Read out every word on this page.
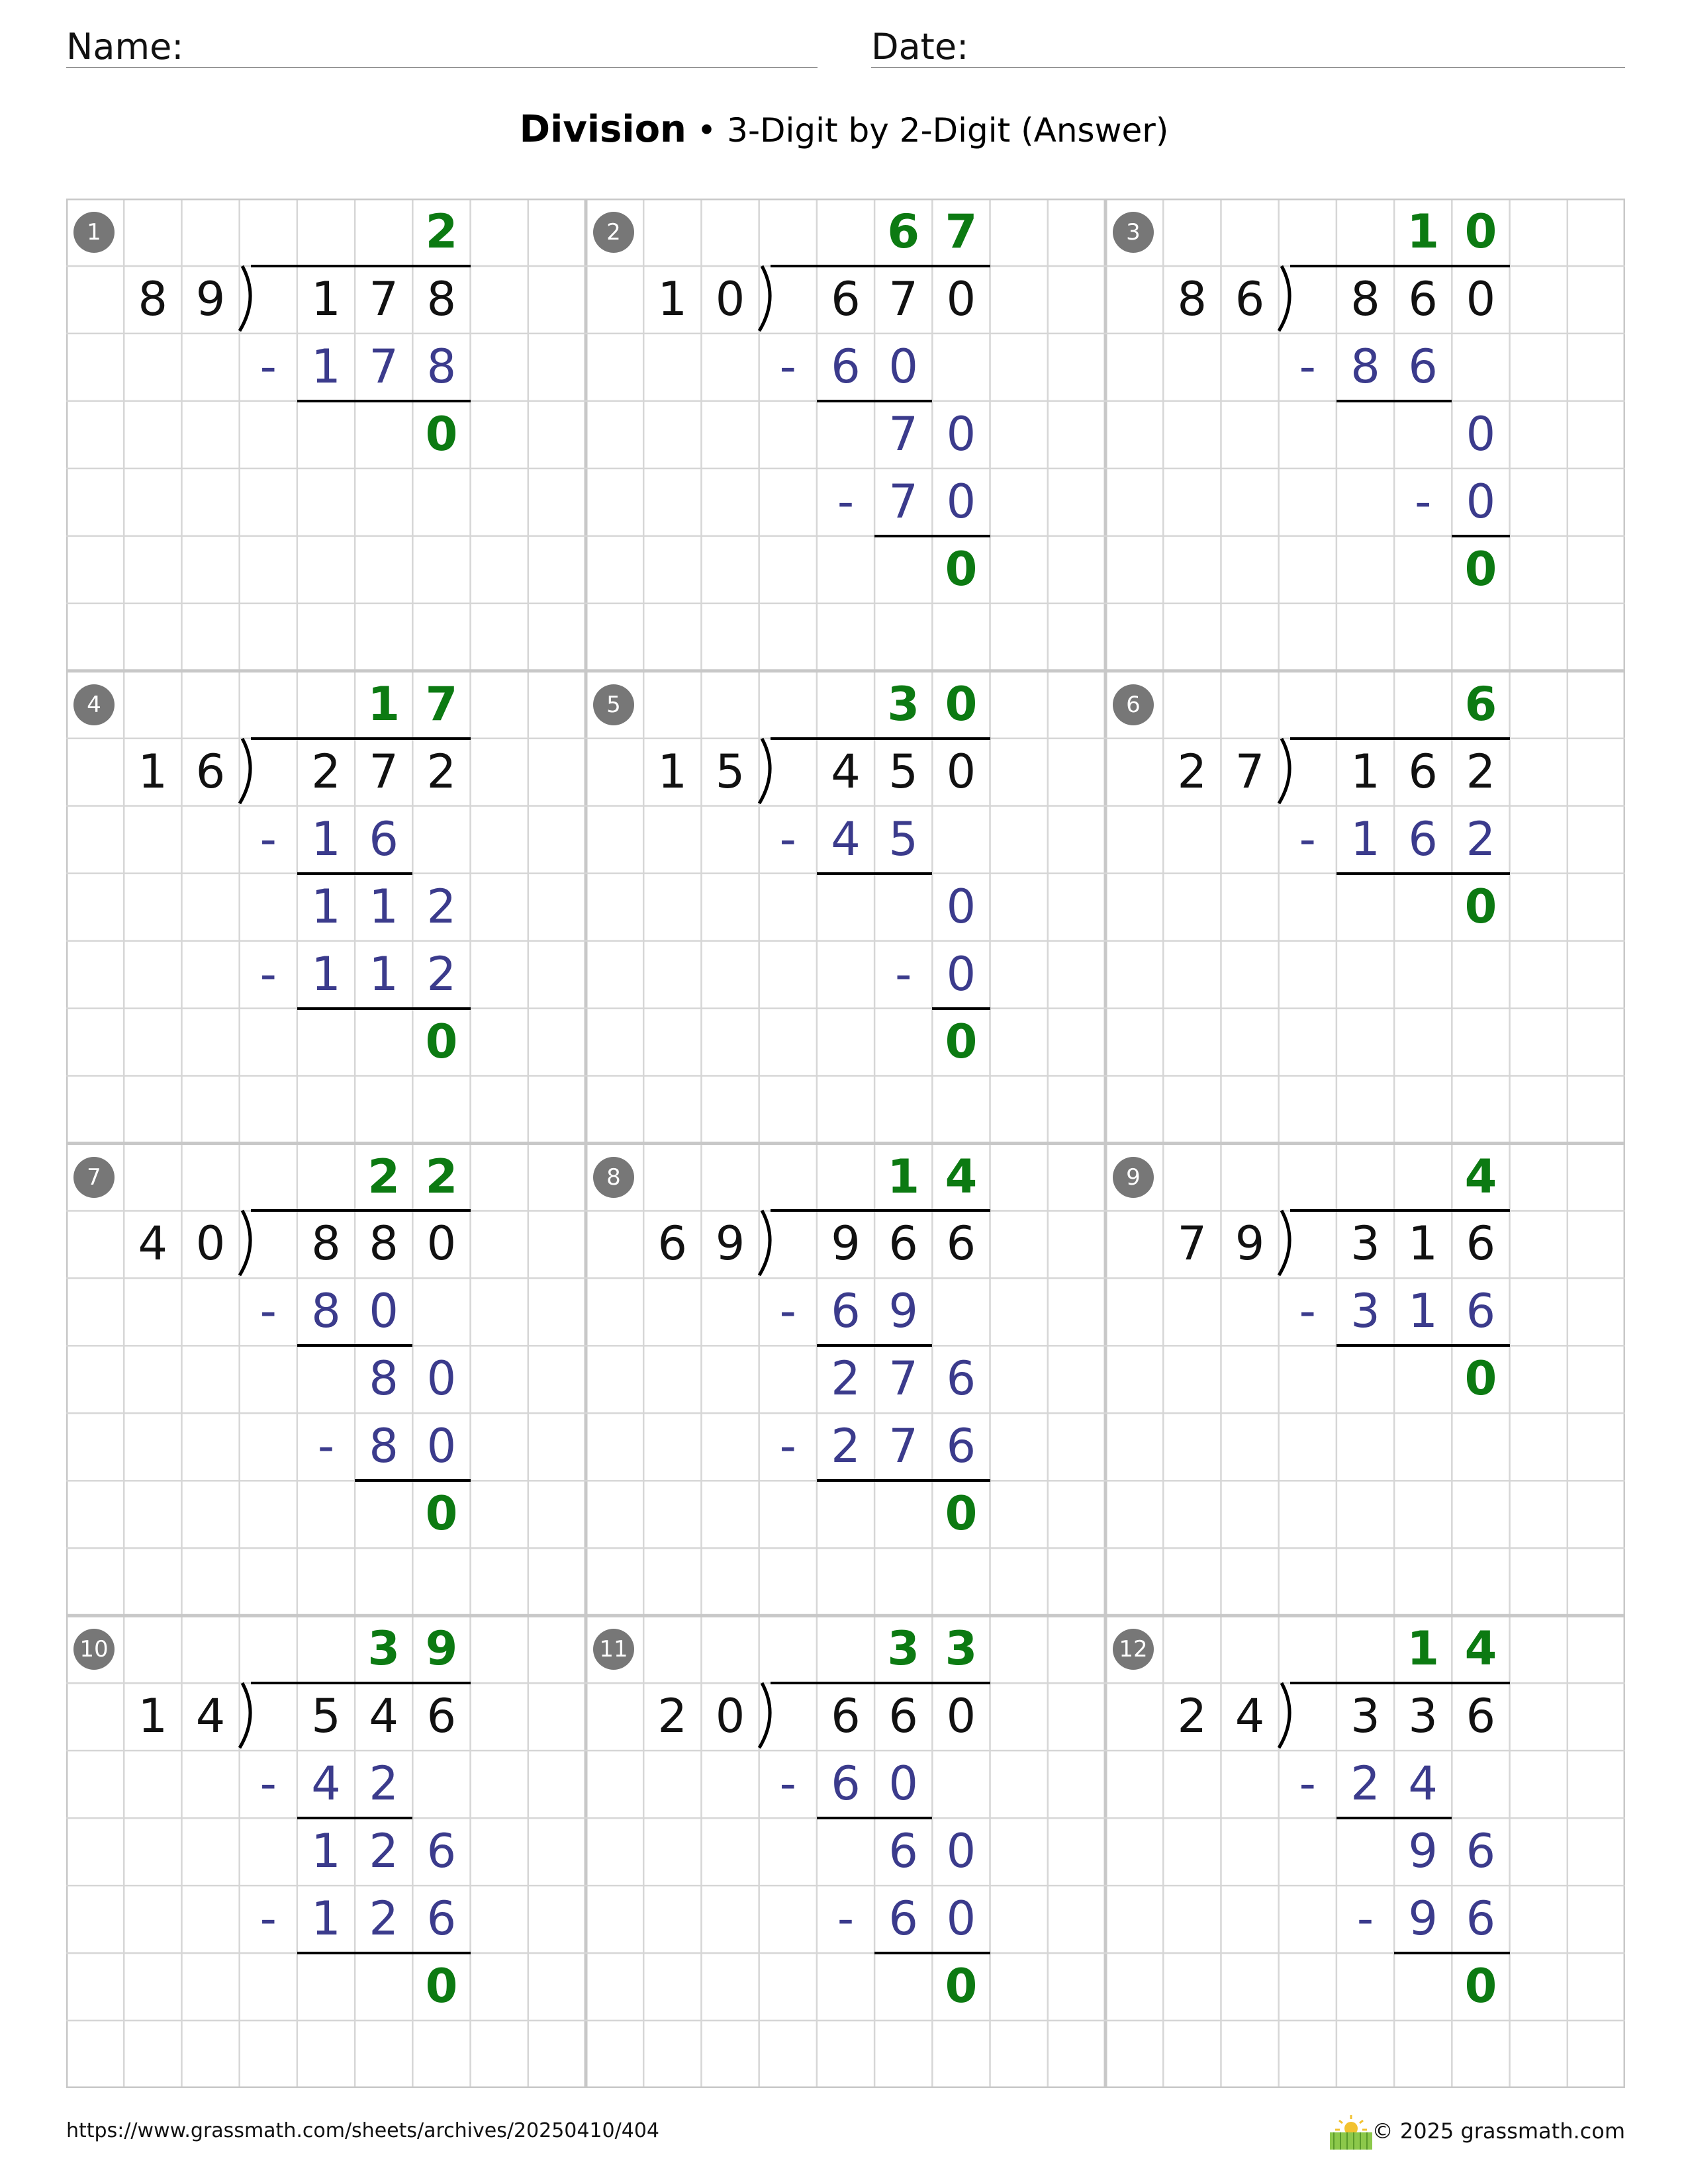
Name:	Date:
Division • 3-Digit by 2-Digit (Answer)
1	2
8 9	1 7 8
- 1 7 8
0
2	6 7
1 0	6 7 0
- 6 0
7 0
- 7 0
0
3	1 0
8 6	8 6 0
- 8 6
0
- 0
0
4	1 7
1 6	2 7 2
- 1 6
1 1 2
- 1 1 2
0
5	3 0
1 5	4 5 0
- 4 5
0
- 0
0
6	6
2 7	1 6 2
- 1 6 2
0
7	2 2
4 0	8 8 0
- 8 0
8 0
- 8 0
0
8	1 4
6 9	9 6 6
- 6 9
2 7 6
- 2 7 6
0
9	4
7 9	3 1 6
- 3 1 6
0
10	3 9
1 4	5 4 6
- 4 2
1 2 6
- 1 2 6
0
11	3 3
2 0	6 6 0
- 6 0
6 0
- 6 0
0
12	1 4
2 4	3 3 6
- 2 4
9 6
- 9 6
0
https://www.grassmath.com/sheets/archives/20250410/404	© 2025 grassmath.com
